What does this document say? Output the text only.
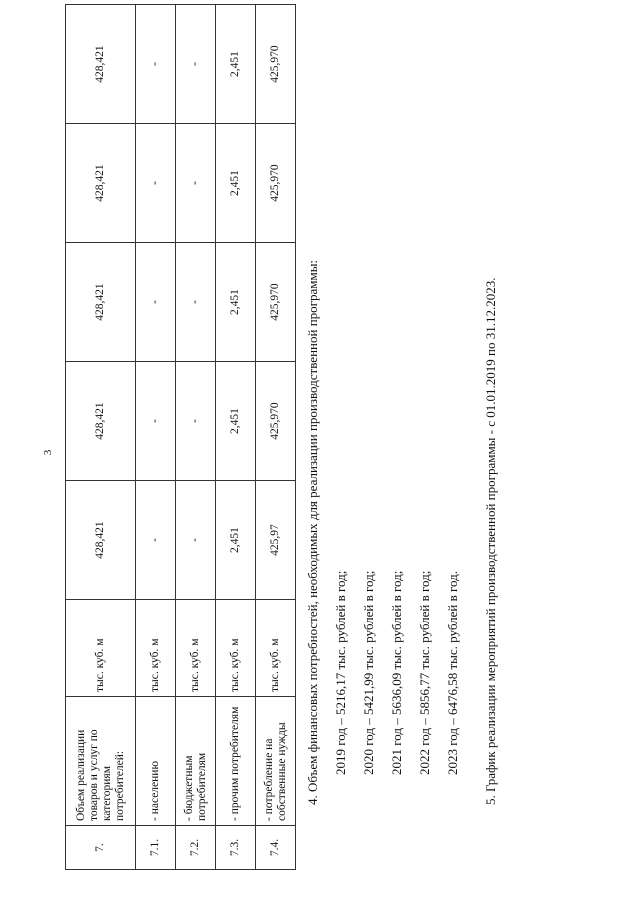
3
7.	Объем реализации товаров и услуг по категориям потребителей:	тыс. куб. м	428,421	428,421	428,421	428,421	428,421
7.1.	- населению	тыс. куб. м	-	-	-	-	-
7.2.	- бюджетным потребителям	тыс. куб. м	-	-	-	-	-
7.3.	- прочим потребителям	тыс. куб. м	2,451	2,451	2,451	2,451	2,451
7.4.	- потребление на собственные нужды	тыс. куб. м	425,97	425,970	425,970	425,970	425,970

4. Объем финансовых потребностей, необходимых для реализации производственной программы:	2019 год – 5216,17 тыс. рублей в год;	2020 год – 5421,99 тыс. рублей в год;	2021 год – 5636,09 тыс. рублей в год;	2022 год – 5856,77 тыс. рублей в год;	2023 год – 6476,58 тыс. рублей в год.	5. График реализации мероприятий производственной программы - с 01.01.2019 по 31.12.2023.
